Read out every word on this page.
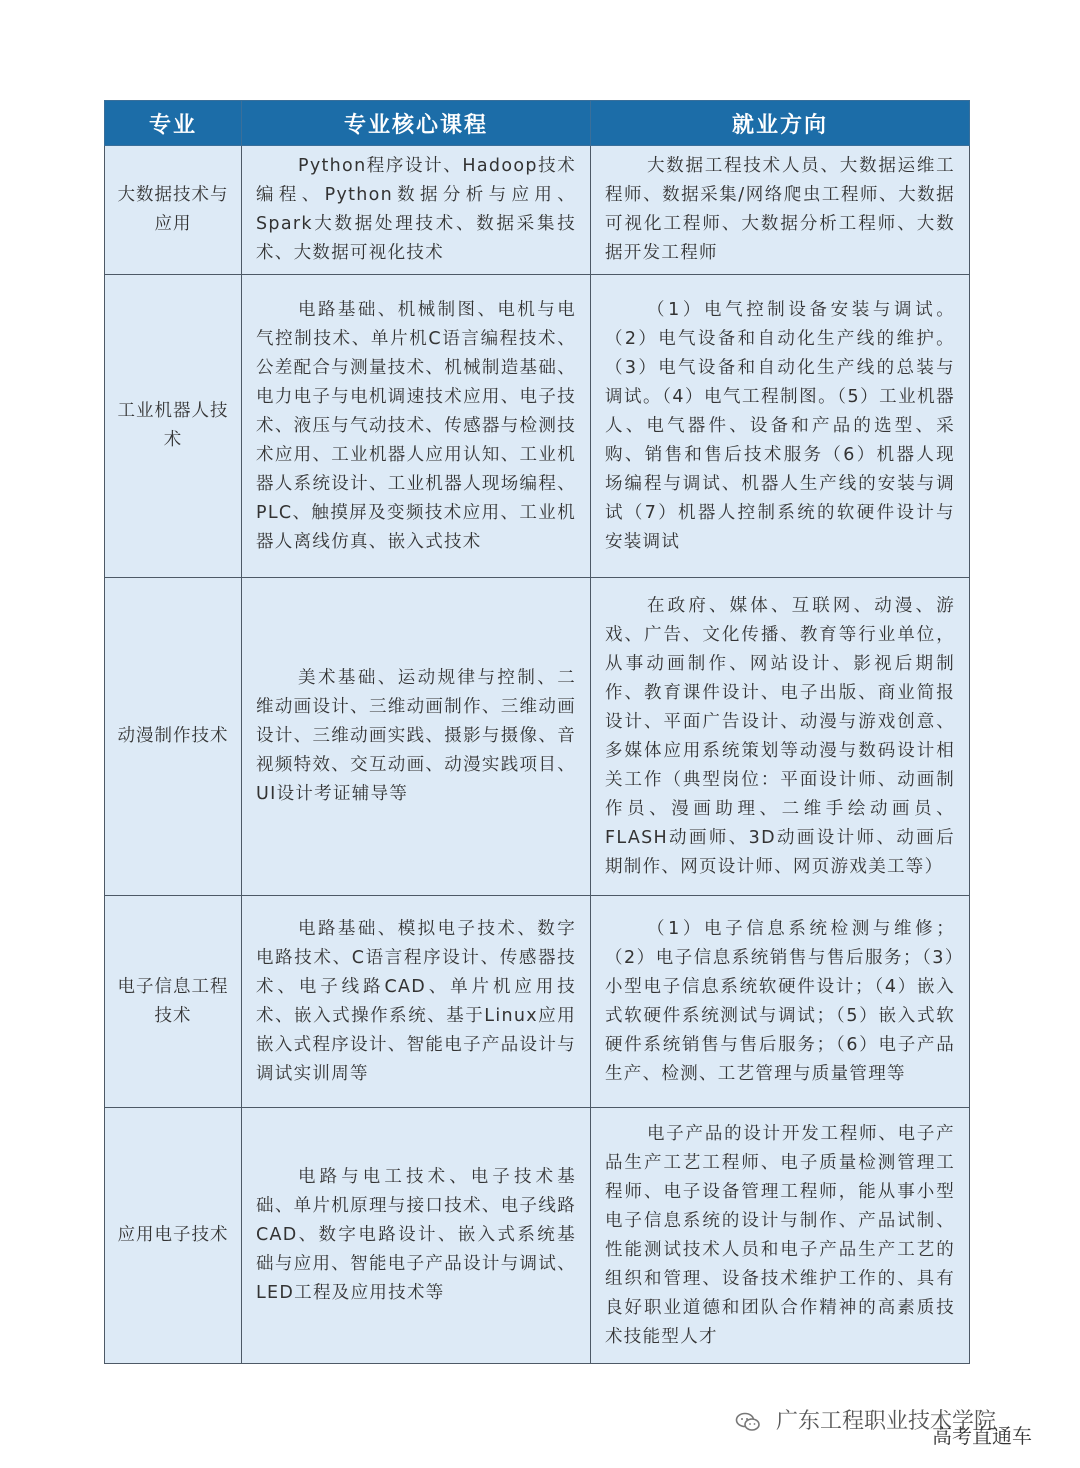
专业	专业核心课程	就业方向
大数据技术与应用	Python程序设计、Hadoop技术编程、Python数据分析与应用、Spark大数据处理技术、数据采集技术、大数据可视化技术	大数据工程技术人员、大数据运维工程师、数据采集/网络爬虫工程师、大数据可视化工程师、大数据分析工程师、大数据开发工程师
工业机器人技术	电路基础、机械制图、电机与电气控制技术、单片机C语言编程技术、公差配合与测量技术、机械制造基础、电力电子与电机调速技术应用、电子技术、液压与气动技术、传感器与检测技术应用、工业机器人应用认知、工业机器人系统设计、工业机器人现场编程、PLC、触摸屏及变频技术应用、工业机器人离线仿真、嵌入式技术	（1）电气控制设备安装与调试。（2）电气设备和自动化生产线的维护。（3）电气设备和自动化生产线的总装与调试。（4）电气工程制图。（5）工业机器人、电气器件、设备和产品的选型、采购、销售和售后技术服务（6）机器人现场编程与调试、机器人生产线的安装与调试（7）机器人控制系统的软硬件设计与安装调试
动漫制作技术	美术基础、运动规律与控制、二维动画设计、三维动画制作、三维动画设计、三维动画实践、摄影与摄像、音视频特效、交互动画、动漫实践项目、UI设计考证辅导等	在政府、媒体、互联网、动漫、游戏、广告、文化传播、教育等行业单位，从事动画制作、网站设计、影视后期制作、教育课件设计、电子出版、商业简报设计、平面广告设计、动漫与游戏创意、多媒体应用系统策划等动漫与数码设计相关工作（典型岗位：平面设计师、动画制作员、漫画助理、二维手绘动画员、FLASH动画师、3D动画设计师、动画后期制作、网页设计师、网页游戏美工等）
电子信息工程技术	电路基础、模拟电子技术、数字电路技术、C语言程序设计、传感器技术、电子线路CAD、单片机应用技术、嵌入式操作系统、基于Linux应用嵌入式程序设计、智能电子产品设计与调试实训周等	（1）电子信息系统检测与维修；（2）电子信息系统销售与售后服务；（3）小型电子信息系统软硬件设计；（4）嵌入式软硬件系统测试与调试；（5）嵌入式软硬件系统销售与售后服务；（6）电子产品生产、检测、工艺管理与质量管理等
应用电子技术	电路与电工技术、电子技术基础、单片机原理与接口技术、电子线路CAD、数字电路设计、嵌入式系统基础与应用、智能电子产品设计与调试、LED工程及应用技术等	电子产品的设计开发工程师、电子产品生产工艺工程师、电子质量检测管理工程师、电子设备管理工程师，能从事小型电子信息系统的设计与制作、产品试制、性能测试技术人员和电子产品生产工艺的组织和管理、设备技术维护工作的、具有良好职业道德和团队合作精神的高素质技术技能型人才
广东工程职业技术学院
高考直通车
